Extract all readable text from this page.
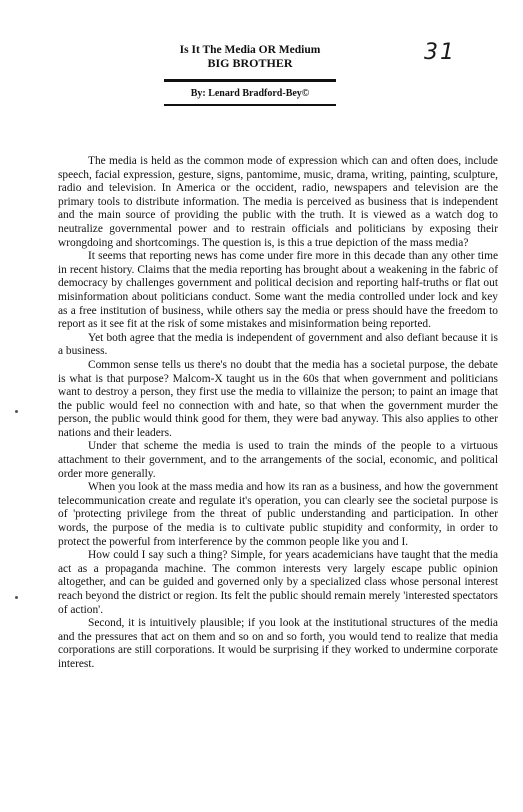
31
Is It The Media OR Medium
BIG BROTHER
By: Lenard Bradford-Bey©

The media is held as the common mode of expression which can and often does, include speech, facial expression, gesture, signs, pantomime, music, drama, writing, painting, sculpture, radio and television. In America or the occident, radio, newspapers and television are the primary tools to distribute information. The media is perceived as business that is independent and the main source of providing the public with the truth. It is viewed as a watch dog to neutralize governmental power and to restrain officials and politicians by exposing their wrongdoing and shortcomings. The question is, is this a true depiction of the mass media?

It seems that reporting news has come under fire more in this decade than any other time in recent history. Claims that the media reporting has brought about a weakening in the fabric of democracy by challenges government and political decision and reporting half-truths or flat out misinformation about politicians conduct. Some want the media controlled under lock and key as a free institution of business, while others say the media or press should have the freedom to report as it see fit at the risk of some mistakes and misinformation being reported.

Yet both agree that the media is independent of government and also defiant because it is a business.

Common sense tells us there's no doubt that the media has a societal purpose, the debate is what is that purpose? Malcom-X taught us in the 60s that when government and politicians want to destroy a person, they first use the media to villainize the person; to paint an image that the public would feel no connection with and hate, so that when the government murder the person, the public would think good for them, they were bad anyway. This also applies to other nations and their leaders.

Under that scheme the media is used to train the minds of the people to a virtuous attachment to their government, and to the arrangements of the social, economic, and political order more generally.

When you look at the mass media and how its ran as a business, and how the government telecommunication create and regulate it's operation, you can clearly see the societal purpose is of 'protecting privilege from the threat of public understanding and participation. In other words, the purpose of the media is to cultivate public stupidity and conformity, in order to protect the powerful from interference by the common people like you and I.

How could I say such a thing? Simple, for years academicians have taught that the media act as a propaganda machine. The common interests very largely escape public opinion altogether, and can be guided and governed only by a specialized class whose personal interest reach beyond the district or region. Its felt the public should remain merely 'interested spectators of action'.

Second, it is intuitively plausible; if you look at the institutional structures of the media and the pressures that act on them and so on and so forth, you would tend to realize that media corporations are still corporations. It would be surprising if they worked to undermine corporate interest.
